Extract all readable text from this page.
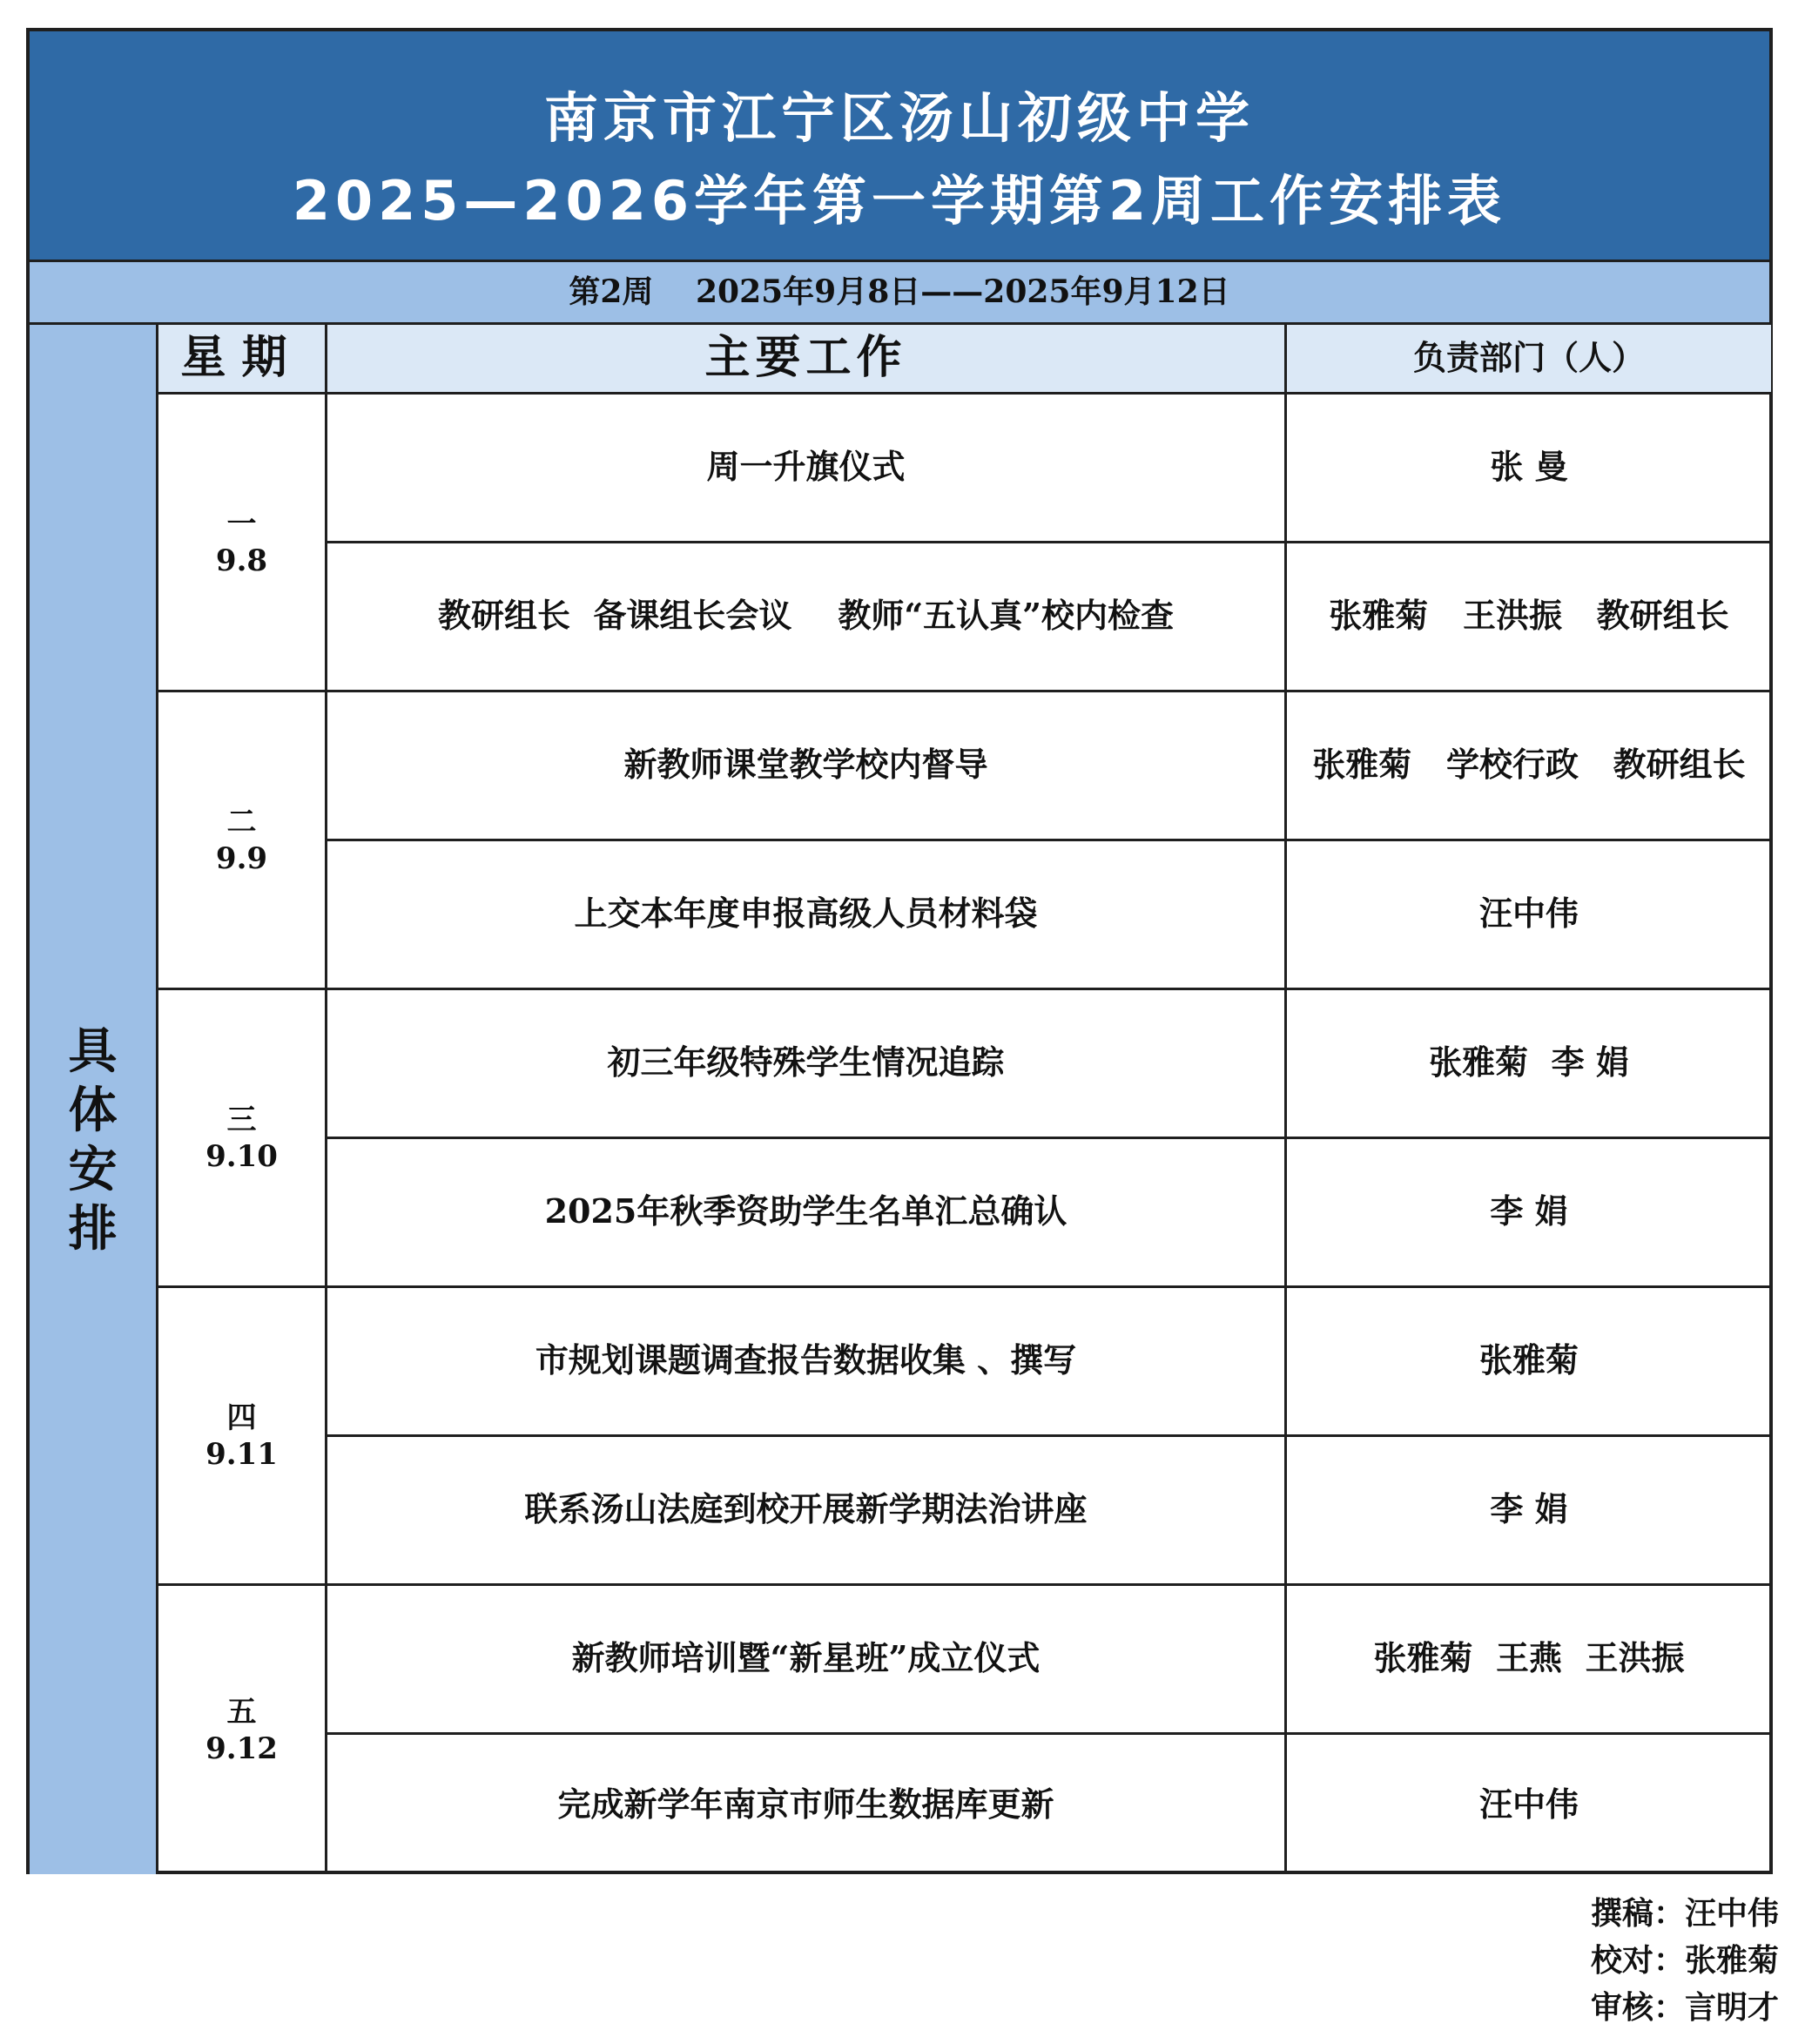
南京市江宁区汤山初级中学
2025—2026学年第一学期第2周工作安排表
第2周 2025年9月8日——2025年9月12日
具
体
安
排
星期	主要工作	负责部门（人）
一
9.8
周一升旗仪式	张 曼
教研组长  备课组长会议    教师“五认真”校内检查	张雅菊   王洪振   教研组长
二
9.9
新教师课堂教学校内督导	张雅菊   学校行政   教研组长
上交本年度申报高级人员材料袋	汪中伟
三
9.10
初三年级特殊学生情况追踪	张雅菊  李 娟
2025年秋季资助学生名单汇总确认	李 娟
四
9.11
市规划课题调查报告数据收集 、撰写	张雅菊
联系汤山法庭到校开展新学期法治讲座	李 娟
五
9.12
新教师培训暨“新星班”成立仪式	张雅菊  王燕  王洪振
完成新学年南京市师生数据库更新	汪中伟
撰稿：汪中伟
校对：张雅菊
审核：言明才
